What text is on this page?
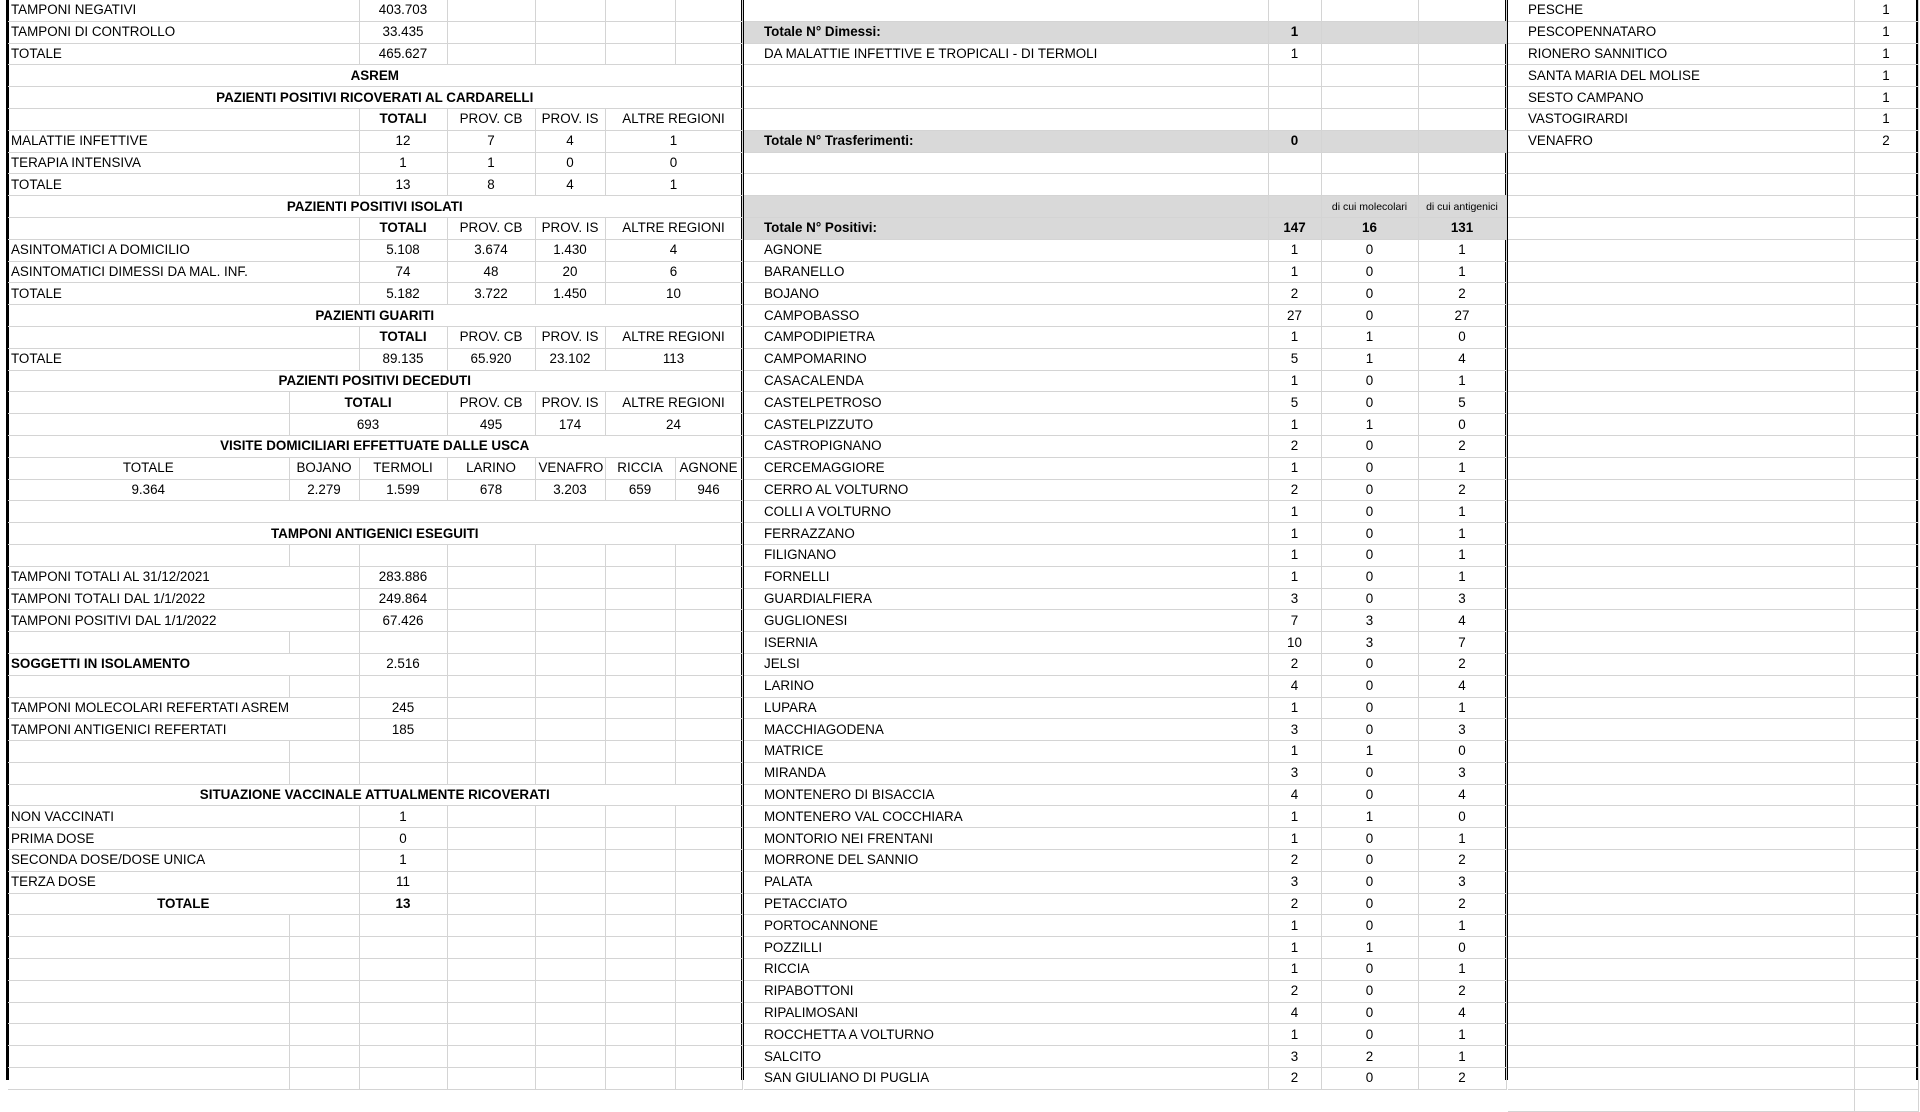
TAMPONI NEGATIVI		403.703				
TAMPONI DI CONTROLLO		33.435				
TOTALE		465.627				
ASREM						
PAZIENTI POSITIVI RICOVERATI AL CARDARELLI						
		TOTALI	PROV. CB	PROV. IS	ALTRE REGIONI	
MALATTIE INFETTIVE		12	7	4	1	
TERAPIA INTENSIVA		1	1	0	0	
TOTALE		13	8	4	1	
PAZIENTI POSITIVI ISOLATI						
		TOTALI	PROV. CB	PROV. IS	ALTRE REGIONI	
ASINTOMATICI A DOMICILIO		5.108	3.674	1.430	4	
ASINTOMATICI DIMESSI DA MAL. INF.		74	48	20	6	
TOTALE		5.182	3.722	1.450	10	
PAZIENTI GUARITI						
		TOTALI	PROV. CB	PROV. IS	ALTRE REGIONI	
TOTALE		89.135	65.920	23.102	113	
PAZIENTI POSITIVI DECEDUTI						
	TOTALI		PROV. CB	PROV. IS	ALTRE REGIONI	
	693		495	174	24	
VISITE DOMICILIARI EFFETTUATE DALLE USCA						
TOTALE	BOJANO	TERMOLI	LARINO	VENAFRO	RICCIA	AGNONE
9.364	2.279	1.599	678	3.203	659	946

TAMPONI ANTIGENICI ESEGUITI						

TAMPONI TOTALI AL 31/12/2021		283.886				
TAMPONI TOTALI DAL 1/1/2022		249.864				
TAMPONI POSITIVI DAL 1/1/2022		67.426				

SOGGETTI IN ISOLAMENTO		2.516				

TAMPONI MOLECOLARI REFERTATI ASREM		245				
TAMPONI ANTIGENICI REFERTATI		185				

SITUAZIONE VACCINALE ATTUALMENTE RICOVERATI						
NON VACCINATI		1				
PRIMA DOSE		0				
SECONDA DOSE/DOSE UNICA		1				
TERZA DOSE		11				
TOTALE		13				

Totale N° Dimessi:	1		
DA MALATTIE INFETTIVE E TROPICALI - DI TERMOLI	1		

Totale N° Trasferimenti:	0		

		di cui molecolari	di cui antigenici
Totale N° Positivi:	147	16	131
AGNONE	1	0	1
BARANELLO	1	0	1
BOJANO	2	0	2
CAMPOBASSO	27	0	27
CAMPODIPIETRA	1	1	0
CAMPOMARINO	5	1	4
CASACALENDA	1	0	1
CASTELPETROSO	5	0	5
CASTELPIZZUTO	1	1	0
CASTROPIGNANO	2	0	2
CERCEMAGGIORE	1	0	1
CERRO AL VOLTURNO	2	0	2
COLLI A VOLTURNO	1	0	1
FERRAZZANO	1	0	1
FILIGNANO	1	0	1
FORNELLI	1	0	1
GUARDIALFIERA	3	0	3
GUGLIONESI	7	3	4
ISERNIA	10	3	7
JELSI	2	0	2
LARINO	4	0	4
LUPARA	1	0	1
MACCHIAGODENA	3	0	3
MATRICE	1	1	0
MIRANDA	3	0	3
MONTENERO DI BISACCIA	4	0	4
MONTENERO VAL COCCHIARA	1	1	0
MONTORIO NEI FRENTANI	1	0	1
MORRONE DEL SANNIO	2	0	2
PALATA	3	0	3
PETACCIATO	2	0	2
PORTOCANNONE	1	0	1
POZZILLI	1	1	0
RICCIA	1	0	1
RIPABOTTONI	2	0	2
RIPALIMOSANI	4	0	4
ROCCHETTA A VOLTURNO	1	0	1
SALCITO	3	2	1
SAN GIULIANO DI PUGLIA	2	0	2
PESCHE	1
PESCOPENNATARO	1
RIONERO SANNITICO	1
SANTA MARIA DEL MOLISE	1
SESTO CAMPANO	1
VASTOGIRARDI	1
VENAFRO	2
